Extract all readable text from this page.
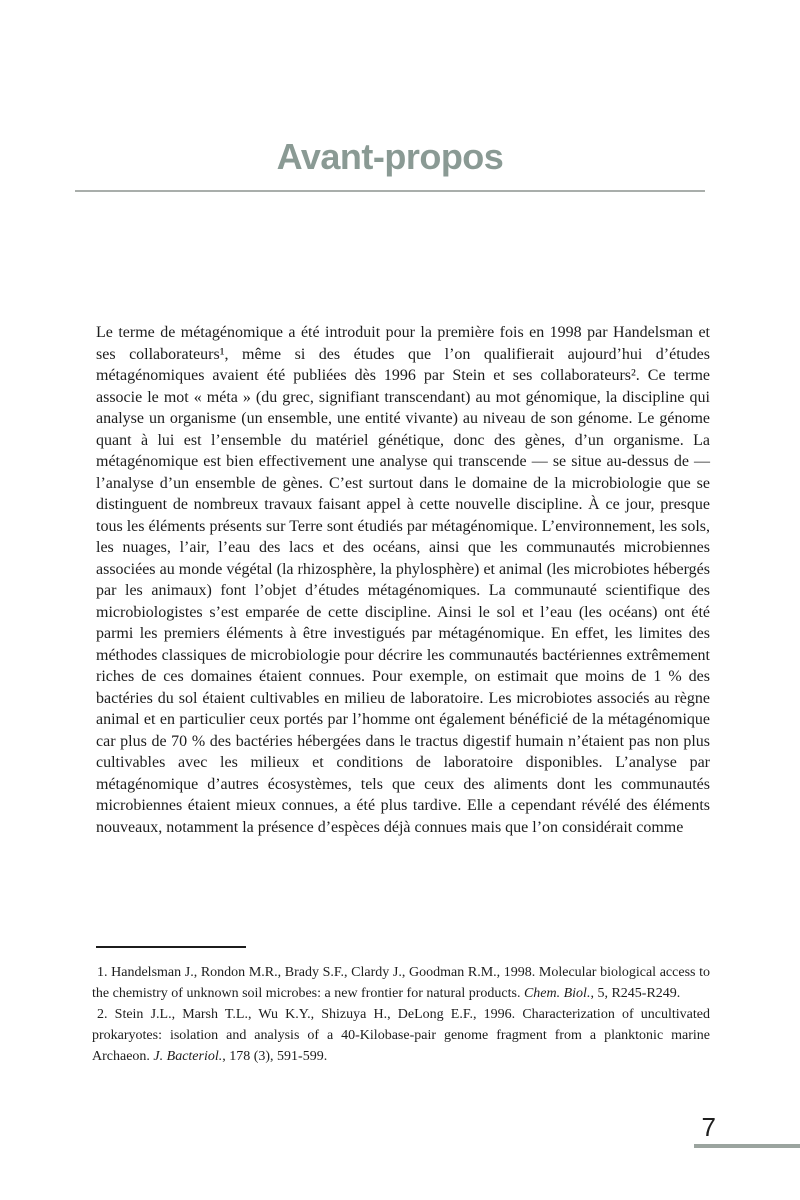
Avant-propos

Le terme de métagénomique a été introduit pour la première fois en 1998 par Handelsman et ses collaborateurs¹, même si des études que l’on qualifierait aujourd’hui d’études métagénomiques avaient été publiées dès 1996 par Stein et ses collaborateurs². Ce terme associe le mot « méta » (du grec, signifiant transcendant) au mot génomique, la discipline qui analyse un organisme (un ensemble, une entité vivante) au niveau de son génome. Le génome quant à lui est l’ensemble du matériel génétique, donc des gènes, d’un organisme. La métagénomique est bien effectivement une analyse qui transcende — se situe au-dessus de — l’analyse d’un ensemble de gènes. C’est surtout dans le domaine de la microbiologie que se distinguent de nombreux travaux faisant appel à cette nouvelle discipline. À ce jour, presque tous les éléments présents sur Terre sont étudiés par métagénomique. L’environnement, les sols, les nuages, l’air, l’eau des lacs et des océans, ainsi que les communautés microbiennes associées au monde végétal (la rhizosphère, la phylosphère) et animal (les microbiotes hébergés par les animaux) font l’objet d’études métagénomiques. La communauté scientifique des microbiologistes s’est emparée de cette discipline. Ainsi le sol et l’eau (les océans) ont été parmi les premiers éléments à être investigués par métagénomique. En effet, les limites des méthodes classiques de microbiologie pour décrire les communautés bactériennes extrêmement riches de ces domaines étaient connues. Pour exemple, on estimait que moins de 1 % des bactéries du sol étaient cultivables en milieu de laboratoire. Les microbiotes associés au règne animal et en particulier ceux portés par l’homme ont également bénéficié de la métagénomique car plus de 70 % des bactéries hébergées dans le tractus digestif humain n’étaient pas non plus cultivables avec les milieux et conditions de laboratoire disponibles. L’analyse par métagénomique d’autres écosystèmes, tels que ceux des aliments dont les communautés microbiennes étaient mieux connues, a été plus tardive. Elle a cependant révélé des éléments nouveaux, notamment la présence d’espèces déjà connues mais que l’on considérait comme

1. Handelsman J., Rondon M.R., Brady S.F., Clardy J., Goodman R.M., 1998. Molecular biological access to the chemistry of unknown soil microbes: a new frontier for natural products. Chem. Biol., 5, R245-R249.

2. Stein J.L., Marsh T.L., Wu K.Y., Shizuya H., DeLong E.F., 1996. Characterization of uncultivated prokaryotes: isolation and analysis of a 40-Kilobase-pair genome fragment from a planktonic marine Archaeon. J. Bacteriol., 178 (3), 591-599.

7
